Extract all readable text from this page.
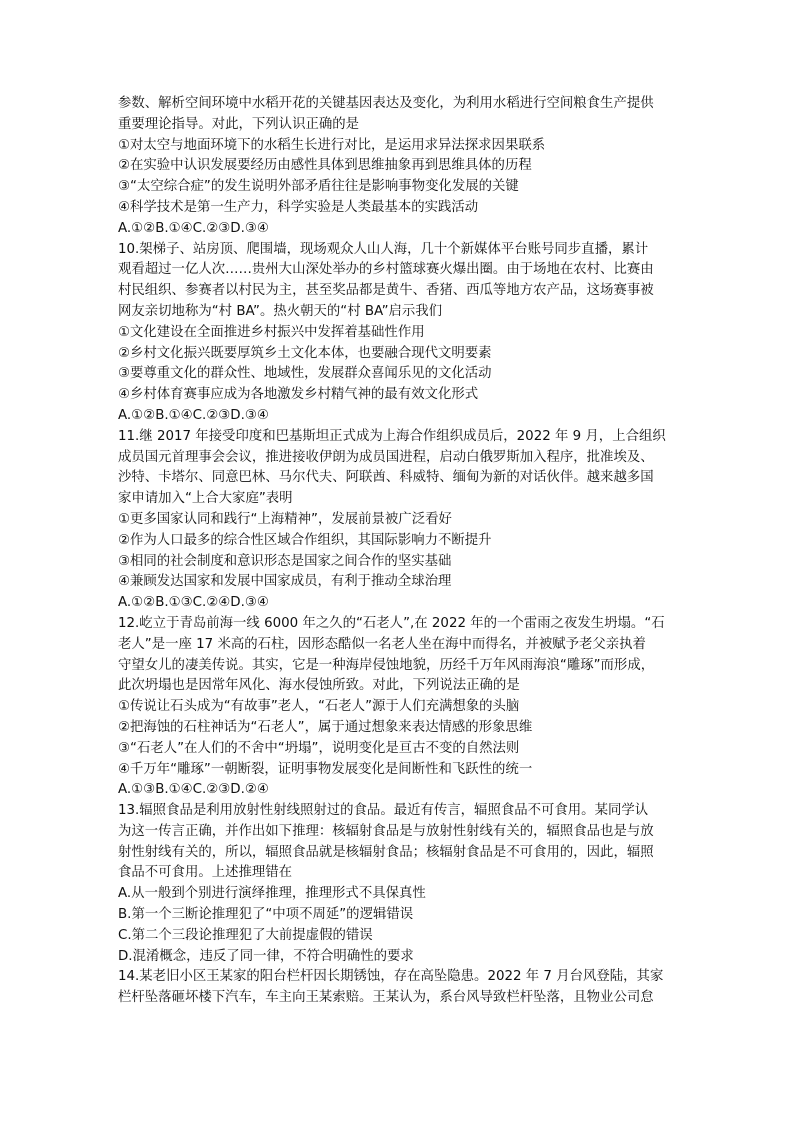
参数、解析空间环境中水稻开花的关键基因表达及变化，为利用水稻进行空间粮食生产提供
重要理论指导。对此，下列认识正确的是
①对太空与地面环境下的水稻生长进行对比，是运用求异法探求因果联系
②在实验中认识发展要经历由感性具体到思维抽象再到思维具体的历程
③“太空综合症”的发生说明外部矛盾往往是影响事物变化发展的关键
④科学技术是第一生产力，科学实验是人类最基本的实践活动
A.①②B.①④C.②③D.③④
10.架梯子、站房顶、爬围墙，现场观众人山人海，几十个新媒体平台账号同步直播，累计
观看超过一亿人次……贵州大山深处举办的乡村篮球赛火爆出圈。由于场地在农村、比赛由
村民组织、参赛者以村民为主，甚至奖品都是黄牛、香猪、西瓜等地方农产品，这场赛事被
网友亲切地称为“村 BA”。热火朝天的“村 BA”启示我们
①文化建设在全面推进乡村振兴中发挥着基础性作用
②乡村文化振兴既要厚筑乡土文化本体，也要融合现代文明要素
③要尊重文化的群众性、地域性，发展群众喜闻乐见的文化活动
④乡村体育赛事应成为各地激发乡村精气神的最有效文化形式
A.①②B.①④C.②③D.③④
11.继 2017 年接受印度和巴基斯坦正式成为上海合作组织成员后，2022 年 9 月，上合组织
成员国元首理事会会议，推进接收伊朗为成员国进程，启动白俄罗斯加入程序，批准埃及、
沙特、卡塔尔、同意巴林、马尔代夫、阿联酋、科威特、缅甸为新的对话伙伴。越来越多国
家申请加入“上合大家庭”表明
①更多国家认同和践行“上海精神”，发展前景被广泛看好
②作为人口最多的综合性区域合作组织，其国际影响力不断提升
③相同的社会制度和意识形态是国家之间合作的坚实基础
④兼顾发达国家和发展中国家成员，有利于推动全球治理
A.①②B.①③C.②④D.③④
12.屹立于青岛前海一线 6000 年之久的“石老人”,在 2022 年的一个雷雨之夜发生坍塌。“石
老人”是一座 17 米高的石柱，因形态酷似一名老人坐在海中而得名，并被赋予老父亲执着
守望女儿的凄美传说。其实，它是一种海岸侵蚀地貌，历经千万年风雨海浪“雕琢”而形成，
此次坍塌也是因常年风化、海水侵蚀所致。对此，下列说法正确的是
①传说让石头成为“有故事”老人，“石老人”源于人们充满想象的头脑
②把海蚀的石柱神话为“石老人”，属于通过想象来表达情感的形象思维
③“石老人”在人们的不舍中“坍塌”，说明变化是亘古不变的自然法则
④千万年“雕琢”一朝断裂，证明事物发展变化是间断性和飞跃性的统一
A.①③B.①④C.②③D.②④
13.辐照食品是利用放射性射线照射过的食品。最近有传言，辐照食品不可食用。某同学认
为这一传言正确，并作出如下推理：核辐射食品是与放射性射线有关的，辐照食品也是与放
射性射线有关的，所以，辐照食品就是核辐射食品；核辐射食品是不可食用的，因此，辐照
食品不可食用。上述推理错在
A.从一般到个别进行演绎推理，推理形式不具保真性
B.第一个三断论推理犯了“中项不周延”的逻辑错误
C.第二个三段论推理犯了大前提虚假的错误
D.混淆概念，违反了同一律，不符合明确性的要求
14.某老旧小区王某家的阳台栏杆因长期锈蚀，存在高坠隐患。2022 年 7 月台风登陆，其家
栏杆坠落砸坏楼下汽车，车主向王某索赔。王某认为，系台风导致栏杆坠落，且物业公司怠
